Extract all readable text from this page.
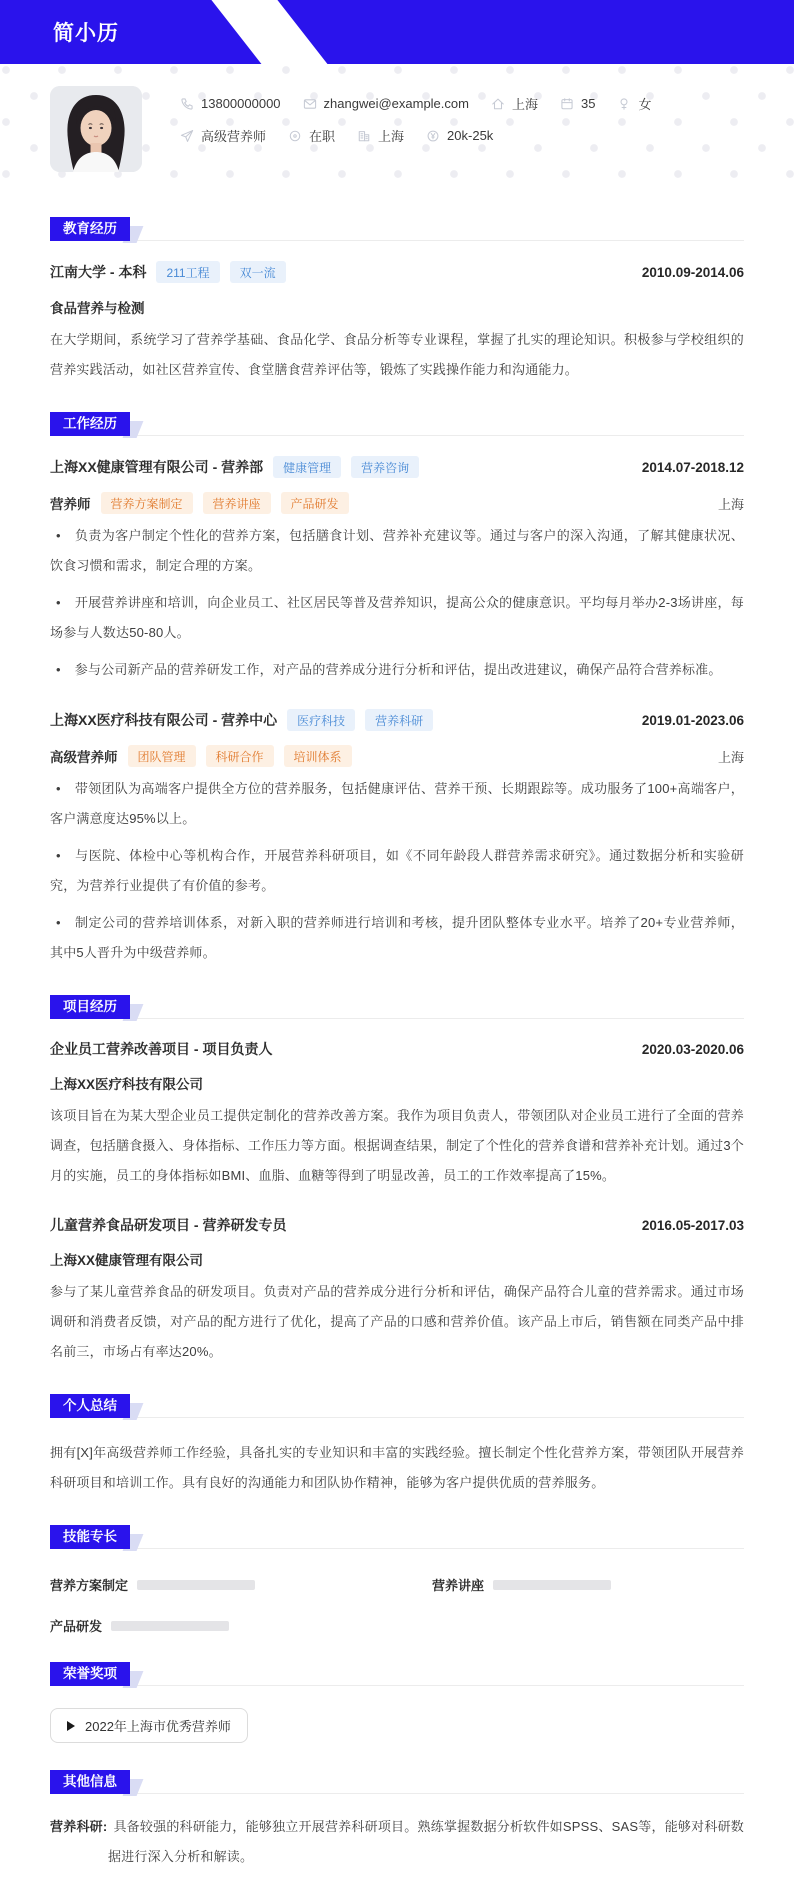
简小历
13800000000	zhangwei@example.com	上海	35	女
高级营养师	在职	上海	20k-25k
教育经历
江南大学 - 本科	211工程	双一流	2010.09-2014.06
食品营养与检测

在大学期间，系统学习了营养学基础、食品化学、食品分析等专业课程，掌握了扎实的理论知识。积极参与学校组织的营养实践活动，如社区营养宣传、食堂膳食营养评估等，锻炼了实践操作能力和沟通能力。

工作经历
上海XX健康管理有限公司 - 营养部	健康管理	营养咨询	2014.07-2018.12
营养师	营养方案制定	营养讲座	产品研发	上海

• 负责为客户制定个性化的营养方案，包括膳食计划、营养补充建议等。通过与客户的深入沟通，了解其健康状况、饮食习惯和需求，制定合理的方案。

• 开展营养讲座和培训，向企业员工、社区居民等普及营养知识，提高公众的健康意识。平均每月举办2-3场讲座，每场参与人数达50-80人。

• 参与公司新产品的营养研发工作，对产品的营养成分进行分析和评估，提出改进建议，确保产品符合营养标准。

上海XX医疗科技有限公司 - 营养中心	医疗科技	营养科研	2019.01-2023.06
高级营养师	团队管理	科研合作	培训体系	上海

• 带领团队为高端客户提供全方位的营养服务，包括健康评估、营养干预、长期跟踪等。成功服务了100+高端客户，客户满意度达95%以上。

• 与医院、体检中心等机构合作，开展营养科研项目，如《不同年龄段人群营养需求研究》。通过数据分析和实验研究，为营养行业提供了有价值的参考。

• 制定公司的营养培训体系，对新入职的营养师进行培训和考核，提升团队整体专业水平。培养了20+专业营养师，其中5人晋升为中级营养师。

项目经历
企业员工营养改善项目 - 项目负责人	2020.03-2020.06
上海XX医疗科技有限公司

该项目旨在为某大型企业员工提供定制化的营养改善方案。我作为项目负责人，带领团队对企业员工进行了全面的营养调查，包括膳食摄入、身体指标、工作压力等方面。根据调查结果，制定了个性化的营养食谱和营养补充计划。通过3个月的实施，员工的身体指标如BMI、血脂、血糖等得到了明显改善，员工的工作效率提高了15%。

儿童营养食品研发项目 - 营养研发专员	2016.05-2017.03
上海XX健康管理有限公司

参与了某儿童营养食品的研发项目。负责对产品的营养成分进行分析和评估，确保产品符合儿童的营养需求。通过市场调研和消费者反馈，对产品的配方进行了优化，提高了产品的口感和营养价值。该产品上市后，销售额在同类产品中排名前三，市场占有率达20%。

个人总结

拥有[X]年高级营养师工作经验，具备扎实的专业知识和丰富的实践经验。擅长制定个性化营养方案，带领团队开展营养科研项目和培训工作。具有良好的沟通能力和团队协作精神，能够为客户提供优质的营养服务。

技能专长
营养方案制定	营养讲座
产品研发
荣誉奖项
2022年上海市优秀营养师
其他信息

营养科研: 具备较强的科研能力，能够独立开展营养科研项目。熟练掌握数据分析软件如SPSS、SAS等，能够对科研数据进行深入分析和解读。
